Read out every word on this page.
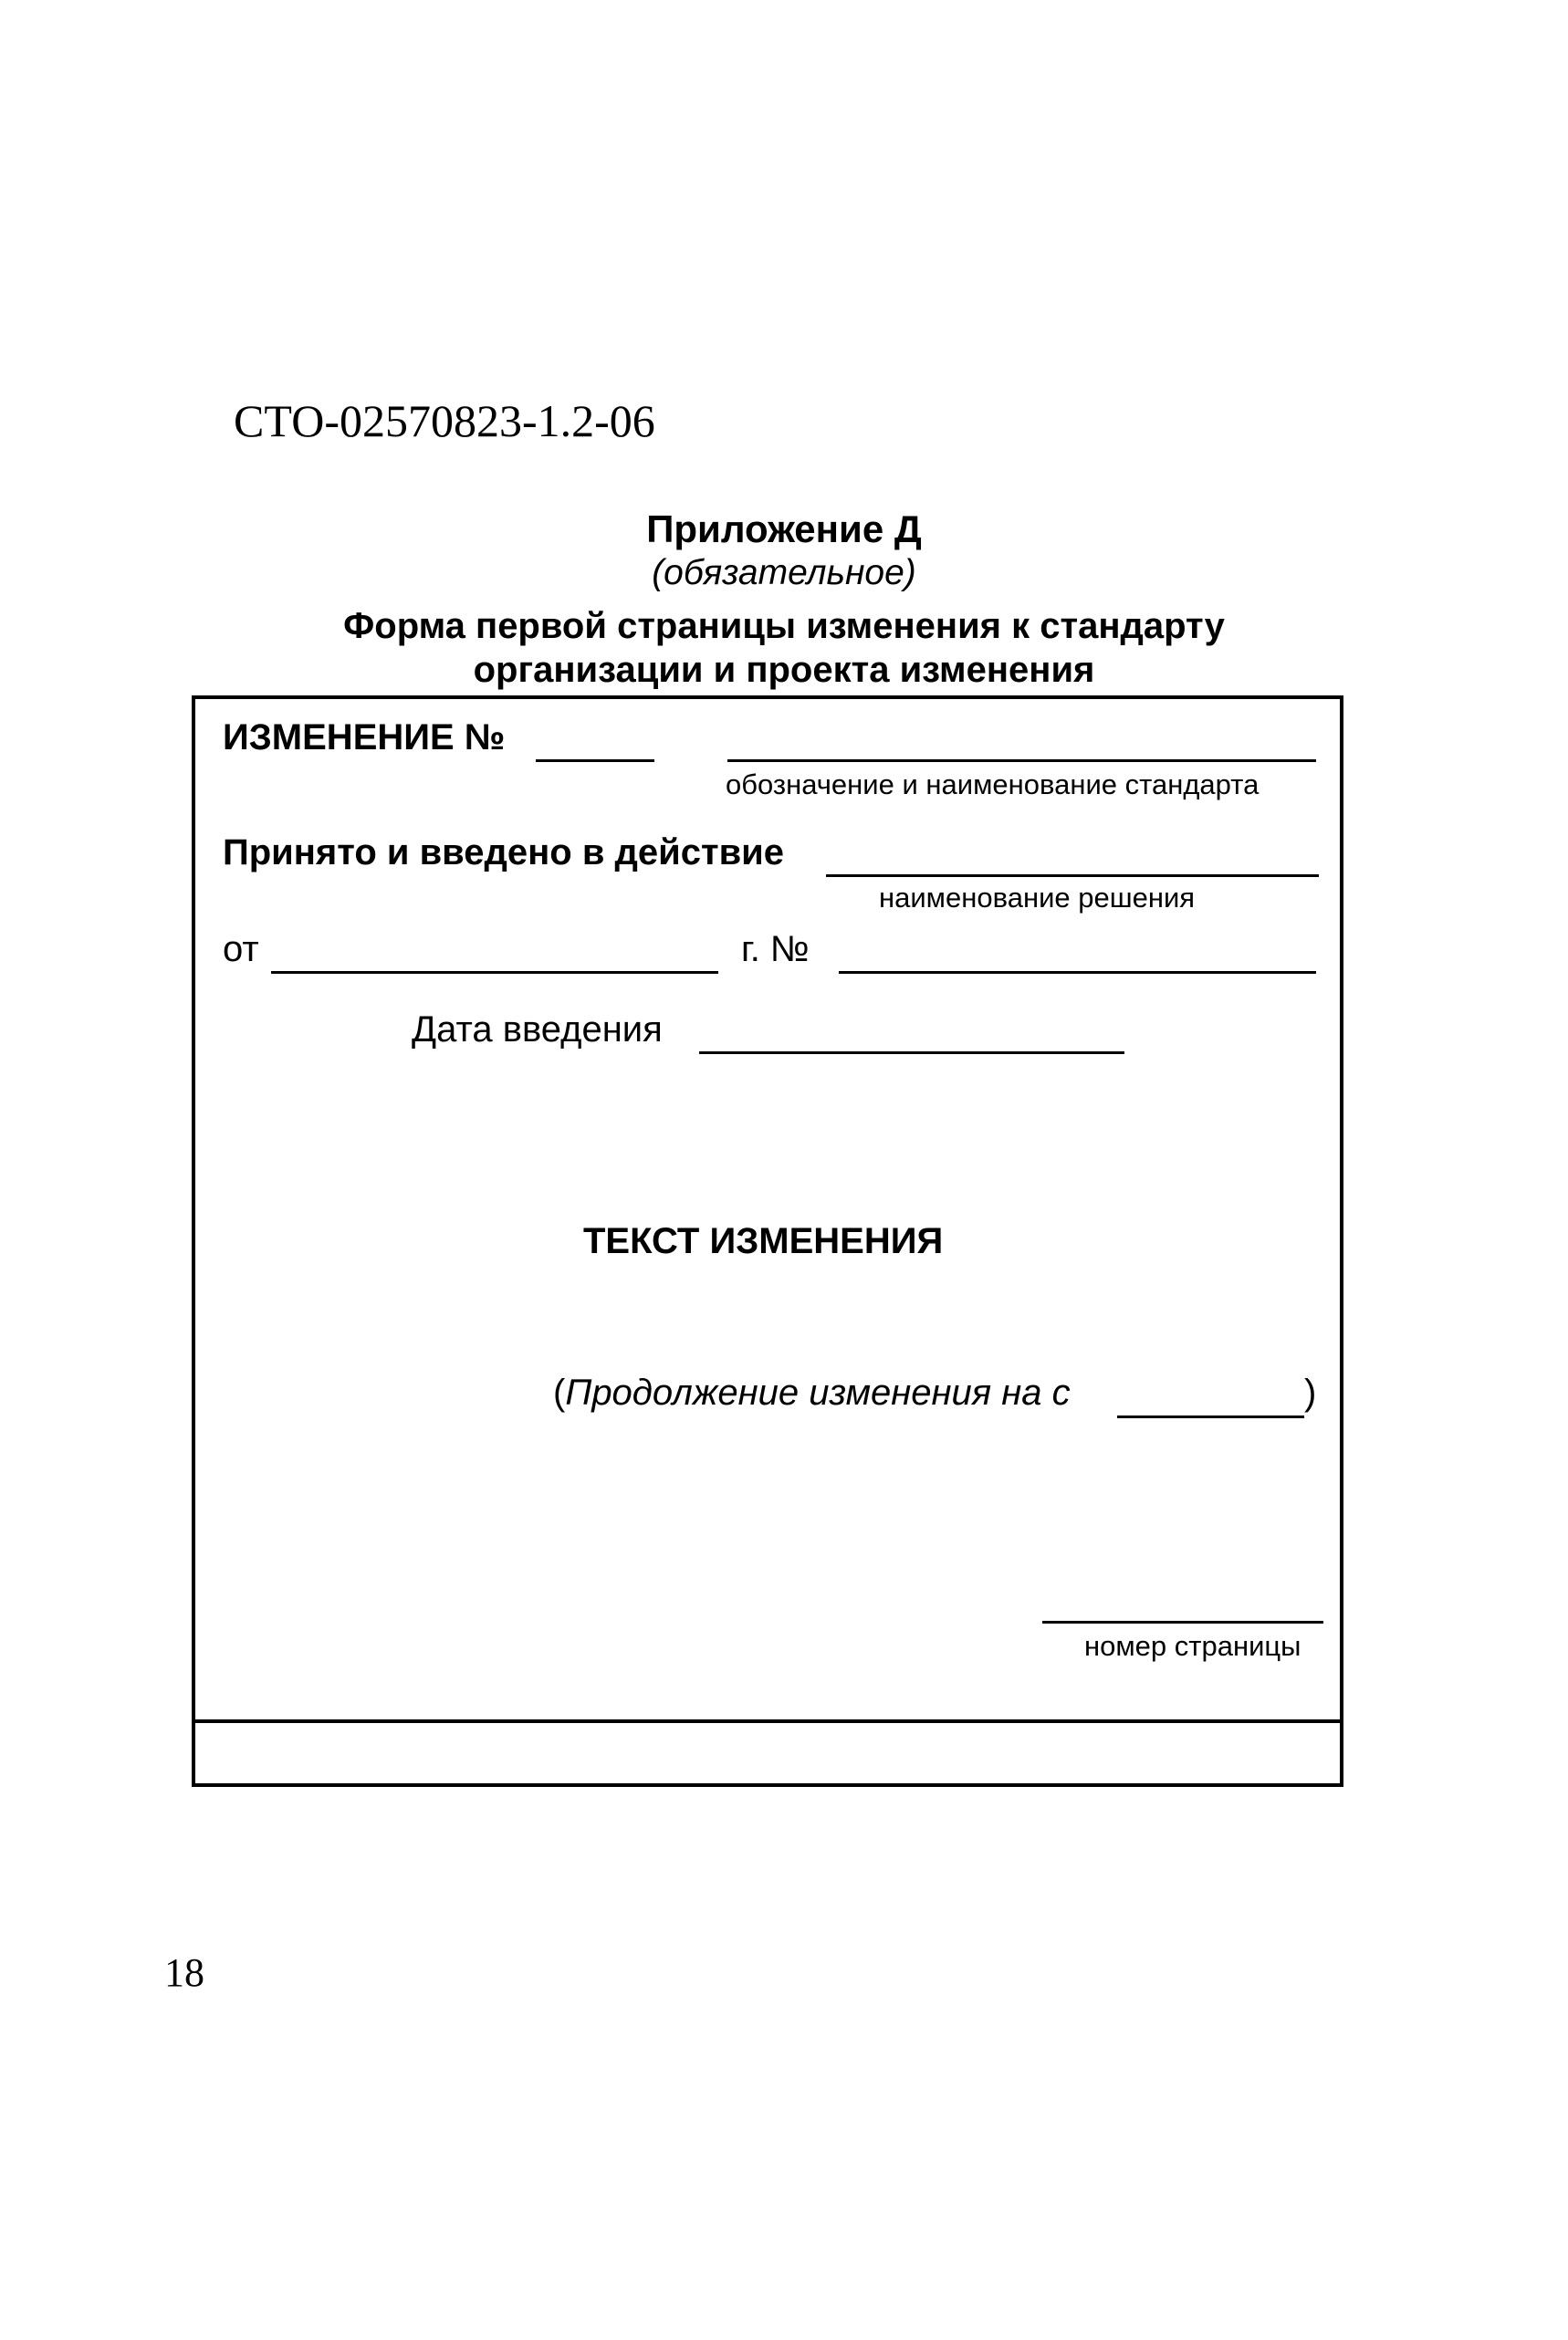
СТО-02570823-1.2-06
Приложение Д
(обязательное)
Форма первой страницы изменения к стандарту
организации и проекта изменения
ИЗМЕНЕНИЕ №
обозначение и наименование стандарта
Принято и введено в действие
наименование решения
от	г. №
Дата введения
ТЕКСТ ИЗМЕНЕНИЯ
(Продолжение изменения на с	)
номер страницы
18
